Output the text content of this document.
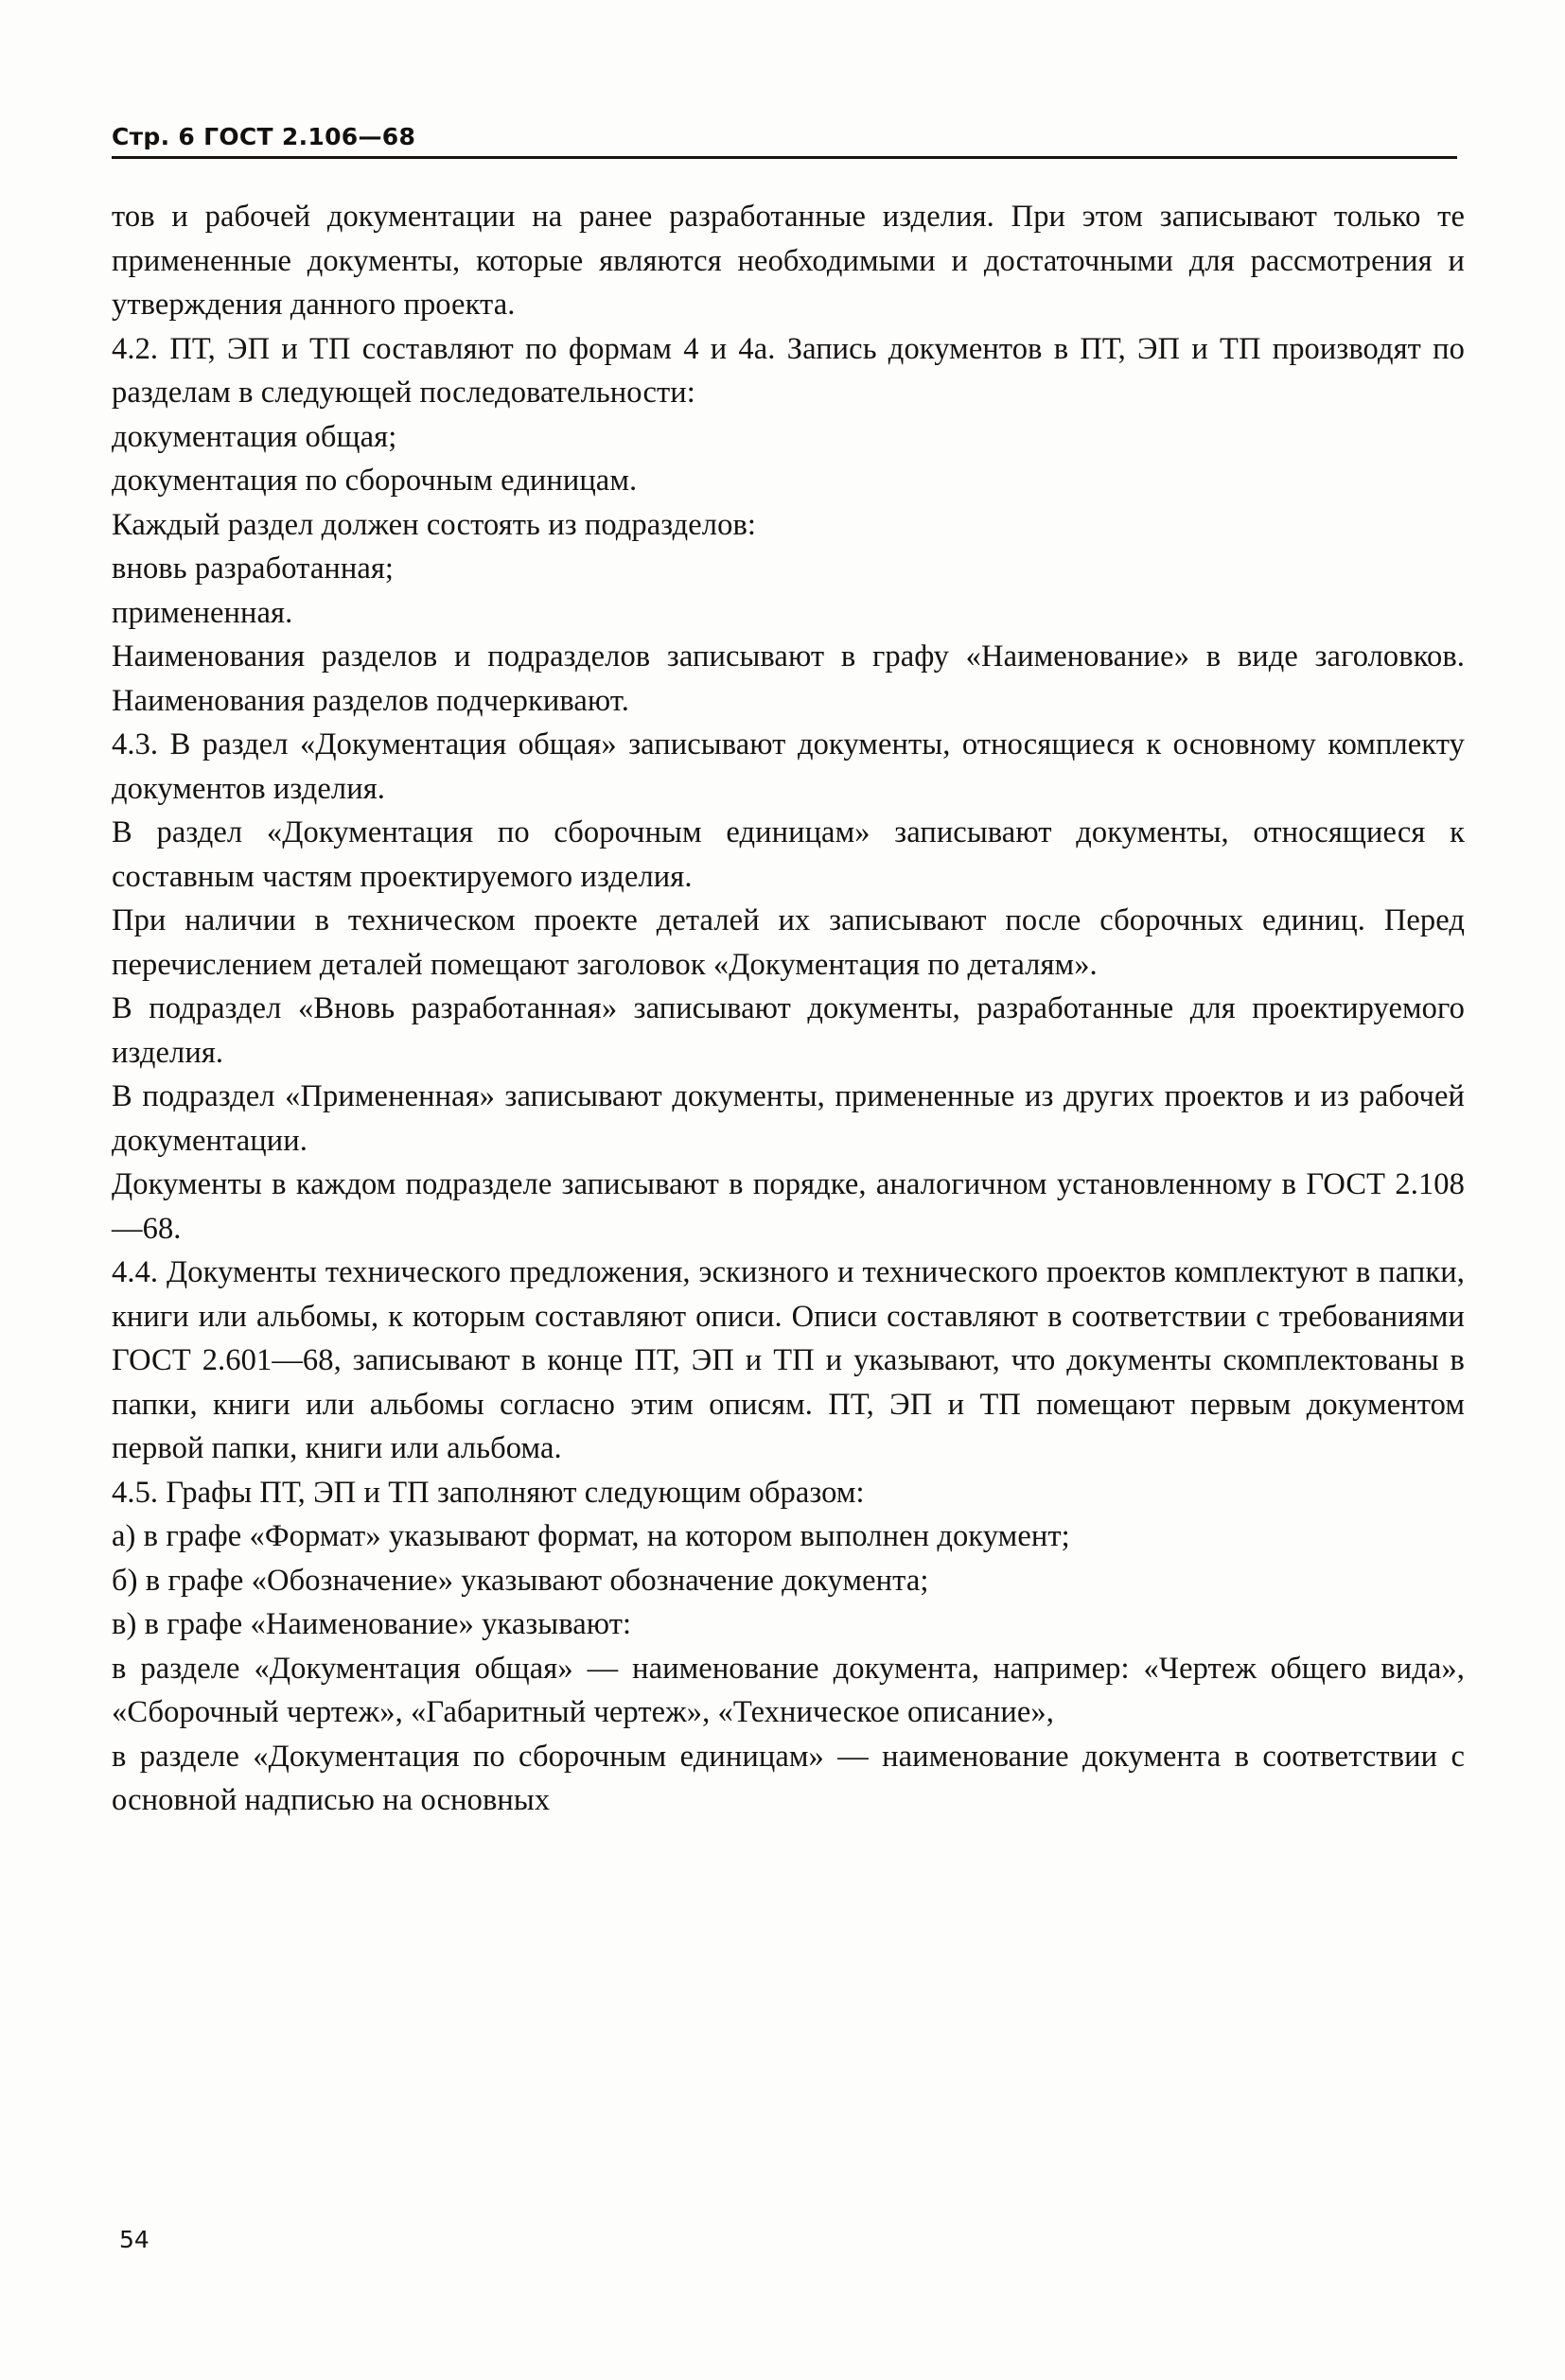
Стр. 6 ГОСТ 2.106—68

тов и рабочей документации на ранее разработанные изделия. При этом записывают только те примененные документы, которые являются необходимыми и достаточными для рассмотрения и утверждения данного проекта.

4.2. ПТ, ЭП и ТП составляют по формам 4 и 4а. Запись документов в ПТ, ЭП и ТП производят по разделам в следующей последовательности:

документация общая;

документация по сборочным единицам.

Каждый раздел должен состоять из подразделов:

вновь разработанная;

примененная.

Наименования разделов и подразделов записывают в графу «Наименование» в виде заголовков. Наименования разделов подчеркивают.

4.3. В раздел «Документация общая» записывают документы, относящиеся к основному комплекту документов изделия.

В раздел «Документация по сборочным единицам» записывают документы, относящиеся к составным частям проектируемого изделия.

При наличии в техническом проекте деталей их записывают после сборочных единиц. Перед перечислением деталей помещают заголовок «Документация по деталям».

В подраздел «Вновь разработанная» записывают документы, разработанные для проектируемого изделия.

В подраздел «Примененная» записывают документы, примененные из других проектов и из рабочей документации.

Документы в каждом подразделе записывают в порядке, аналогичном установленному в ГОСТ 2.108—68.

4.4. Документы технического предложения, эскизного и технического проектов комплектуют в папки, книги или альбомы, к которым составляют описи. Описи составляют в соответствии с требованиями ГОСТ 2.601—68, записывают в конце ПТ, ЭП и ТП и указывают, что документы скомплектованы в папки, книги или альбомы согласно этим описям. ПТ, ЭП и ТП помещают первым документом первой папки, книги или альбома.

4.5. Графы ПТ, ЭП и ТП заполняют следующим образом:

а) в графе «Формат» указывают формат, на котором выполнен документ;

б) в графе «Обозначение» указывают обозначение документа;

в) в графе «Наименование» указывают:

в разделе «Документация общая» — наименование документа, например: «Чертеж общего вида», «Сборочный чертеж», «Габаритный чертеж», «Техническое описание»,

в разделе «Документация по сборочным единицам» — наименование документа в соответствии с основной надписью на основных

54
